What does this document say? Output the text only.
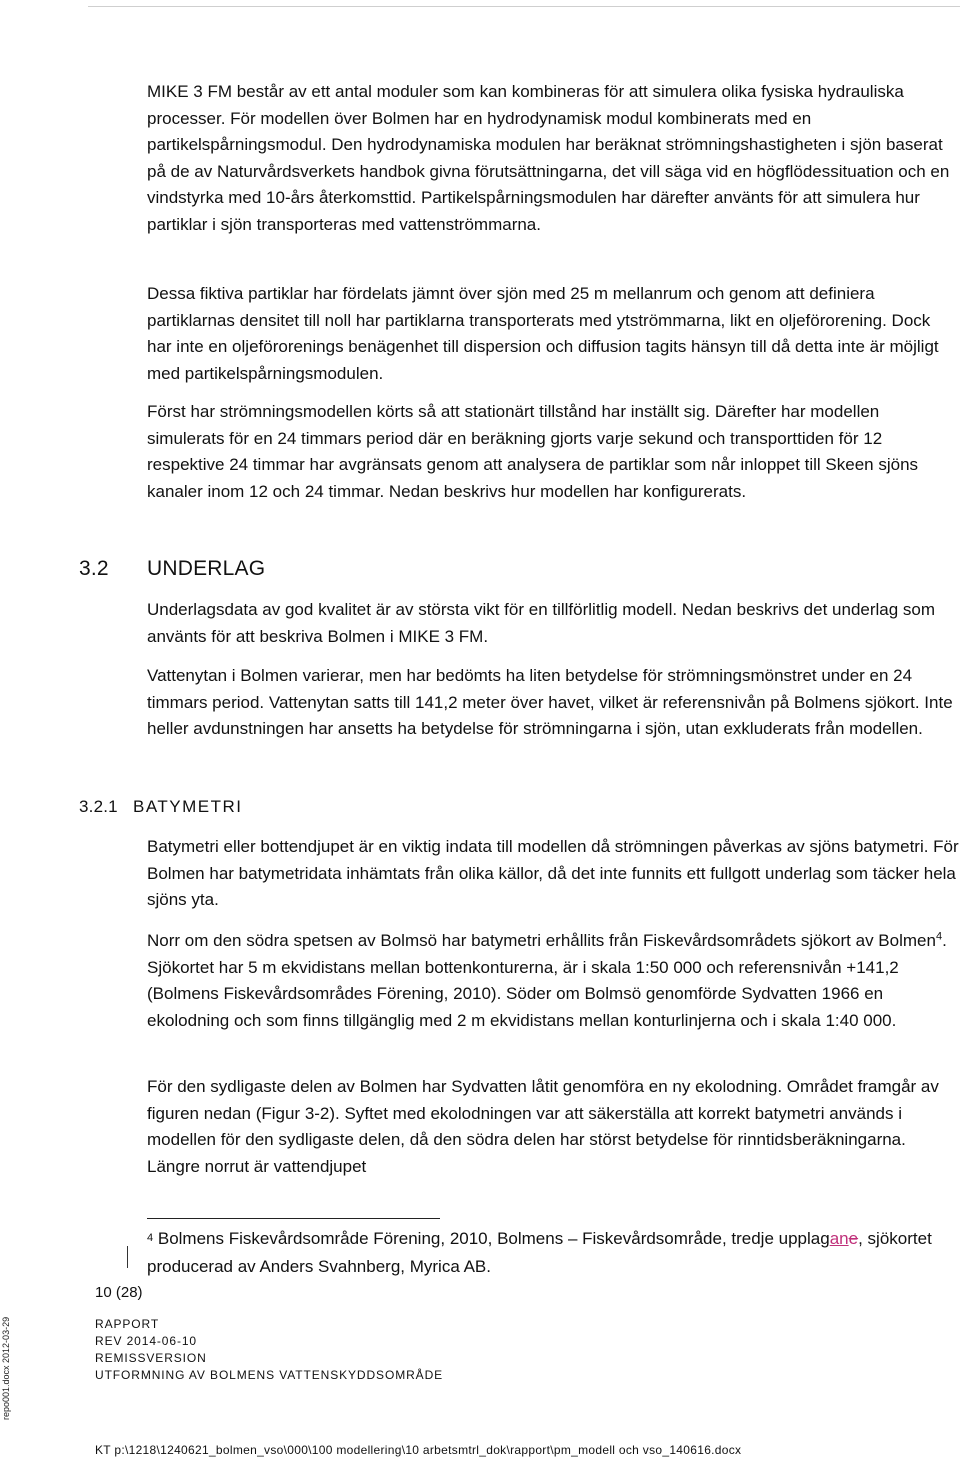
MIKE 3 FM består av ett antal moduler som kan kombineras för att simulera olika fysiska hydrauliska processer. För modellen över Bolmen har en hydrodynamisk modul kombinerats med en partikelspårningsmodul. Den hydrodynamiska modulen har beräknat strömningshastigheten i sjön baserat på de av Naturvårdsverkets handbok givna förutsättningarna, det vill säga vid en högflödessituation och en vindstyrka med 10-års återkomsttid. Partikelspårningsmodulen har därefter använts för att simulera hur partiklar i sjön transporteras med vattenströmmarna.

Dessa fiktiva partiklar har fördelats jämnt över sjön med 25 m mellanrum och genom att definiera partiklarnas densitet till noll har partiklarna transporterats med ytströmmarna, likt en oljeförorening. Dock har inte en oljeförorenings benägenhet till dispersion och diffusion tagits hänsyn till då detta inte är möjligt med partikelspårningsmodulen.

Först har strömningsmodellen körts så att stationärt tillstånd har inställt sig. Därefter har modellen simulerats för en 24 timmars period där en beräkning gjorts varje sekund och transporttiden för 12 respektive 24 timmar har avgränsats genom att analysera de partiklar som når inloppet till Skeen sjöns kanaler inom 12 och 24 timmar. Nedan beskrivs hur modellen har konfigurerats.

3.2 UNDERLAG

Underlagsdata av god kvalitet är av största vikt för en tillförlitlig modell. Nedan beskrivs det underlag som använts för att beskriva Bolmen i MIKE 3 FM.

Vattenytan i Bolmen varierar, men har bedömts ha liten betydelse för strömningsmönstret under en 24 timmars period. Vattenytan satts till 141,2 meter över havet, vilket är referensnivån på Bolmens sjökort. Inte heller avdunstningen har ansetts ha betydelse för strömningarna i sjön, utan exkluderats från modellen.

3.2.1 BATYMETRI

Batymetri eller bottendjupet är en viktig indata till modellen då strömningen påverkas av sjöns batymetri. För Bolmen har batymetridata inhämtats från olika källor, då det inte funnits ett fullgott underlag som täcker hela sjöns yta.

Norr om den södra spetsen av Bolmsö har batymetri erhållits från Fiskevårdsområdets sjökort av Bolmen$^4$. Sjökortet har 5 m ekvidistans mellan bottenkonturerna, är i skala 1:50 000 och referensnivån +141,2 (Bolmens Fiskevårdsområdes Förening, 2010). Söder om Bolmsö genomförde Sydvatten 1966 en ekolodning och som finns tillgänglig med 2 m ekvidistans mellan konturlinjerna och i skala 1:40 000.

För den sydligaste delen av Bolmen har Sydvatten låtit genomföra en ny ekolodning. Området framgår av figuren nedan (Figur 3-2). Syftet med ekolodningen var att säkerställa att korrekt batymetri används i modellen för den sydligaste delen, då den södra delen har störst betydelse för rinntidsberäkningarna. Längre norrut är vattendjupet

$^4$ Bolmens Fiskevårdsområde Förening, 2010, Bolmens – Fiskevårdsområde, tredje upplagane, sjökortet producerad av Anders Svahnberg, Myrica AB.
10 (28)
RAPPORT
REV 2014-06-10
REMISSVERSION
UTFORMNING AV BOLMENS VATTENSKYDDSOMRÅDE
repo001.docx 2012-03-29
KT p:\1218\1240621_bolmen_vso\000\100 modellering\10 arbetsmtrl_dok\rapport\pm_modell och vso_140616.docx
